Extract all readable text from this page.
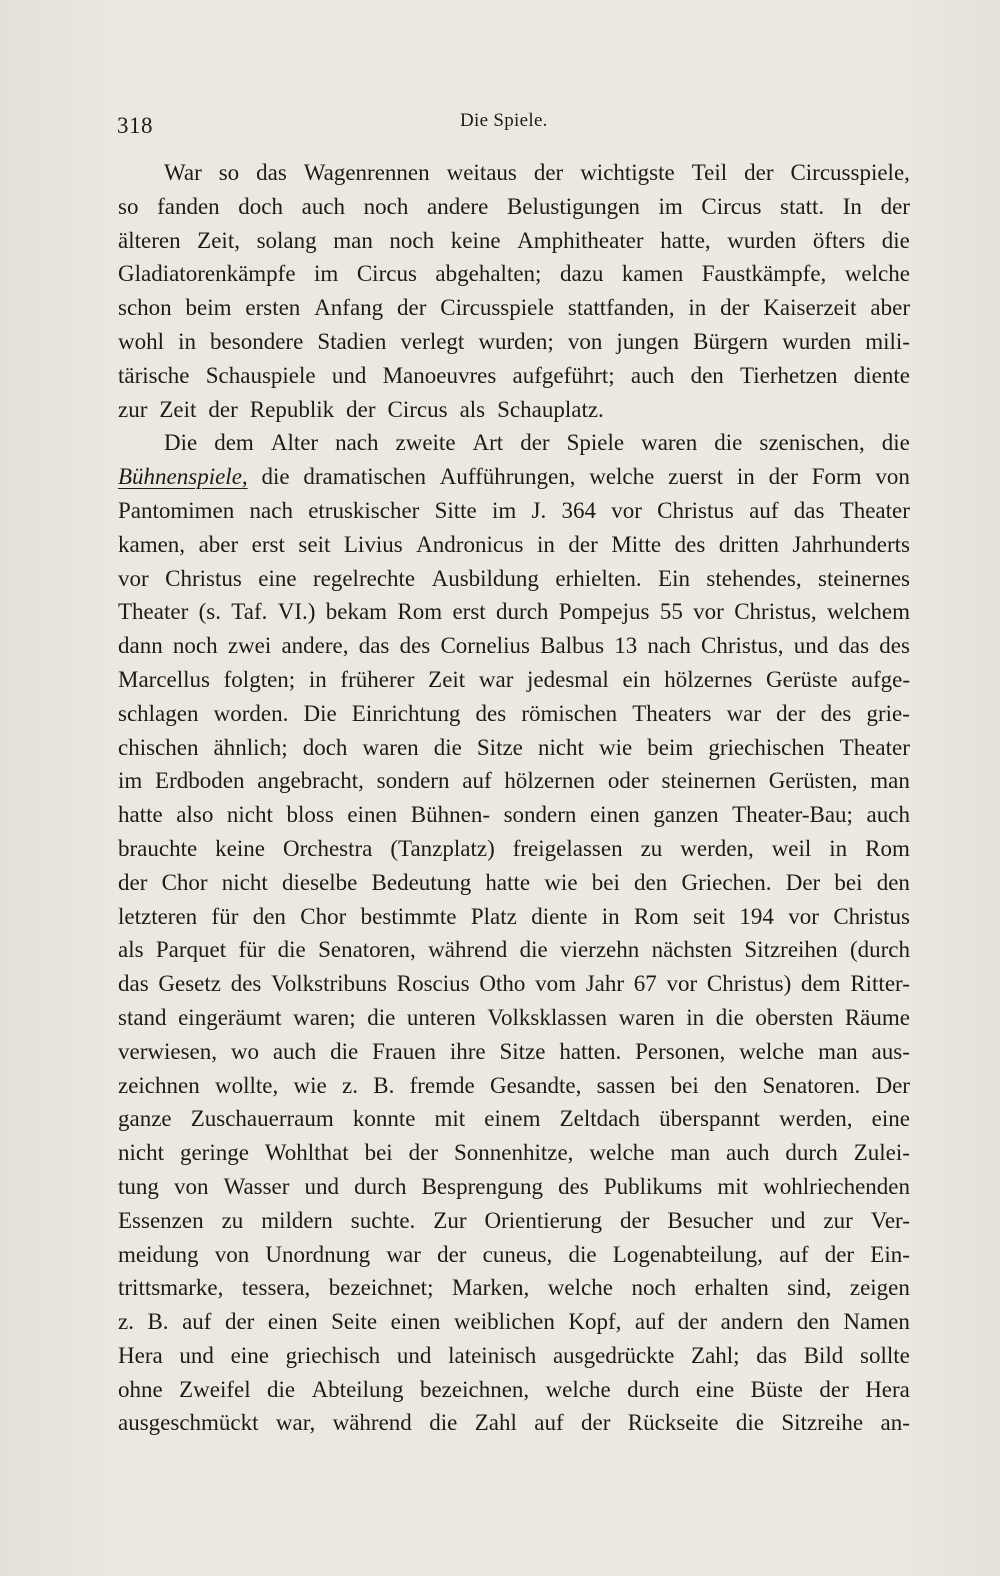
318	Die Spiele.
War so das Wagenrennen weitaus der wichtigste Teil der Circusspiele,
so fanden doch auch noch andere Belustigungen im Circus statt. In der
älteren Zeit, solang man noch keine Amphitheater hatte, wurden öfters die
Gladiatorenkämpfe im Circus abgehalten; dazu kamen Faustkämpfe, welche
schon beim ersten Anfang der Circusspiele stattfanden, in der Kaiserzeit aber
wohl in besondere Stadien verlegt wurden; von jungen Bürgern wurden mili-
tärische Schauspiele und Manoeuvres aufgeführt; auch den Tierhetzen diente
zur Zeit der Republik der Circus als Schauplatz.
Die dem Alter nach zweite Art der Spiele waren die szenischen, die
Bühnenspiele, die dramatischen Aufführungen, welche zuerst in der Form von
Pantomimen nach etruskischer Sitte im J. 364 vor Christus auf das Theater
kamen, aber erst seit Livius Andronicus in der Mitte des dritten Jahrhunderts
vor Christus eine regelrechte Ausbildung erhielten. Ein stehendes, steinernes
Theater (s. Taf. VI.) bekam Rom erst durch Pompejus 55 vor Christus, welchem
dann noch zwei andere, das des Cornelius Balbus 13 nach Christus, und das des
Marcellus folgten; in früherer Zeit war jedesmal ein hölzernes Gerüste aufge-
schlagen worden. Die Einrichtung des römischen Theaters war der des grie-
chischen ähnlich; doch waren die Sitze nicht wie beim griechischen Theater
im Erdboden angebracht, sondern auf hölzernen oder steinernen Gerüsten, man
hatte also nicht bloss einen Bühnen- sondern einen ganzen Theater-Bau; auch
brauchte keine Orchestra (Tanzplatz) freigelassen zu werden, weil in Rom
der Chor nicht dieselbe Bedeutung hatte wie bei den Griechen. Der bei den
letzteren für den Chor bestimmte Platz diente in Rom seit 194 vor Christus
als Parquet für die Senatoren, während die vierzehn nächsten Sitzreihen (durch
das Gesetz des Volkstribuns Roscius Otho vom Jahr 67 vor Christus) dem Ritter-
stand eingeräumt waren; die unteren Volksklassen waren in die obersten Räume
verwiesen, wo auch die Frauen ihre Sitze hatten. Personen, welche man aus-
zeichnen wollte, wie z. B. fremde Gesandte, sassen bei den Senatoren. Der
ganze Zuschauerraum konnte mit einem Zeltdach überspannt werden, eine
nicht geringe Wohlthat bei der Sonnenhitze, welche man auch durch Zulei-
tung von Wasser und durch Besprengung des Publikums mit wohlriechenden
Essenzen zu mildern suchte. Zur Orientierung der Besucher und zur Ver-
meidung von Unordnung war der cuneus, die Logenabteilung, auf der Ein-
trittsmarke, tessera, bezeichnet; Marken, welche noch erhalten sind, zeigen
z. B. auf der einen Seite einen weiblichen Kopf, auf der andern den Namen
Hera und eine griechisch und lateinisch ausgedrückte Zahl; das Bild sollte
ohne Zweifel die Abteilung bezeichnen, welche durch eine Büste der Hera
ausgeschmückt war, während die Zahl auf der Rückseite die Sitzreihe an-
